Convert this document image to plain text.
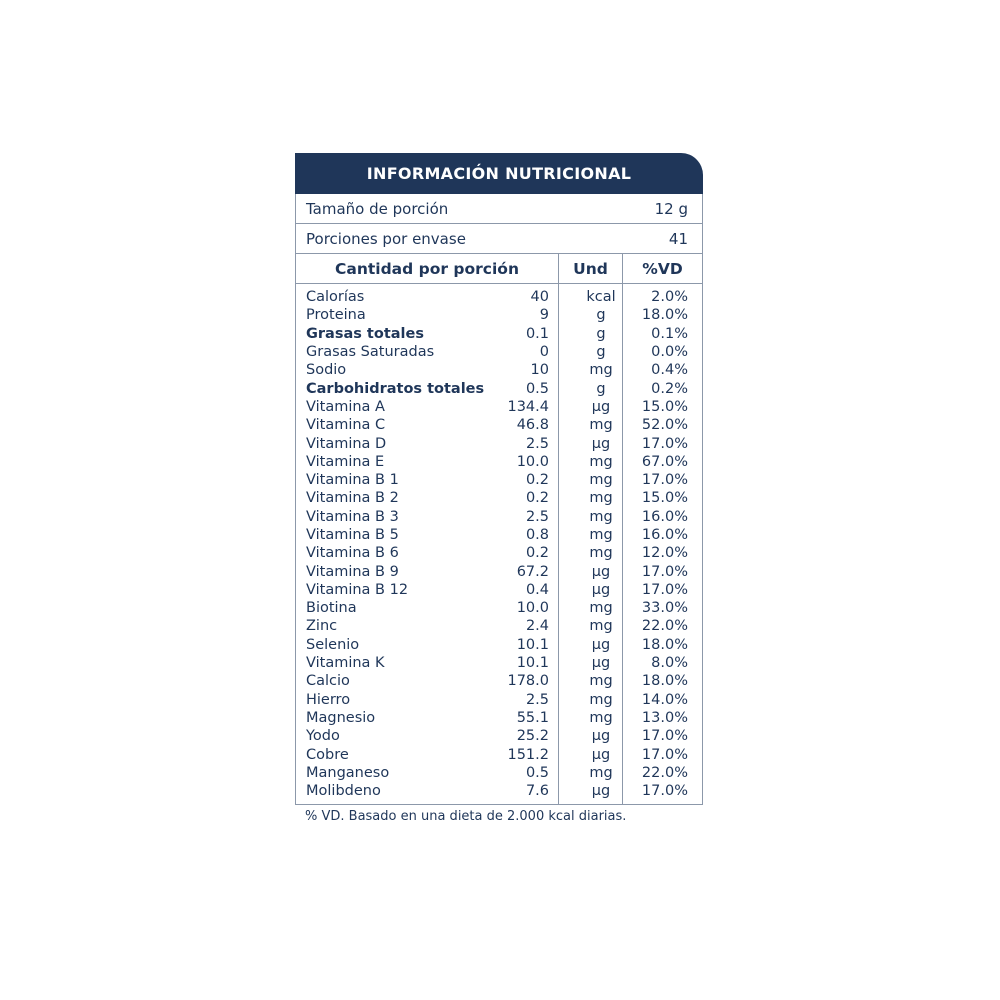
INFORMACIÓN NUTRICIONAL
Tamaño de porción	12 g
Porciones por envase	41
Cantidad por porción	Und	%VD
Calorías	40	kcal	2.0%
Proteina	9	g	18.0%
Grasas totales	0.1	g	0.1%
Grasas Saturadas	0	g	0.0%
Sodio	10	mg	0.4%
Carbohidratos totales	0.5	g	0.2%
Vitamina A	134.4	µg	15.0%
Vitamina C	46.8	mg	52.0%
Vitamina D	2.5	µg	17.0%
Vitamina E	10.0	mg	67.0%
Vitamina B 1	0.2	mg	17.0%
Vitamina B 2	0.2	mg	15.0%
Vitamina B 3	2.5	mg	16.0%
Vitamina B 5	0.8	mg	16.0%
Vitamina B 6	0.2	mg	12.0%
Vitamina B 9	67.2	µg	17.0%
Vitamina B 12	0.4	µg	17.0%
Biotina	10.0	mg	33.0%
Zinc	2.4	mg	22.0%
Selenio	10.1	µg	18.0%
Vitamina K	10.1	µg	8.0%
Calcio	178.0	mg	18.0%
Hierro	2.5	mg	14.0%
Magnesio	55.1	mg	13.0%
Yodo	25.2	µg	17.0%
Cobre	151.2	µg	17.0%
Manganeso	0.5	mg	22.0%
Molibdeno	7.6	µg	17.0%
% VD. Basado en una dieta de 2.000 kcal diarias.
